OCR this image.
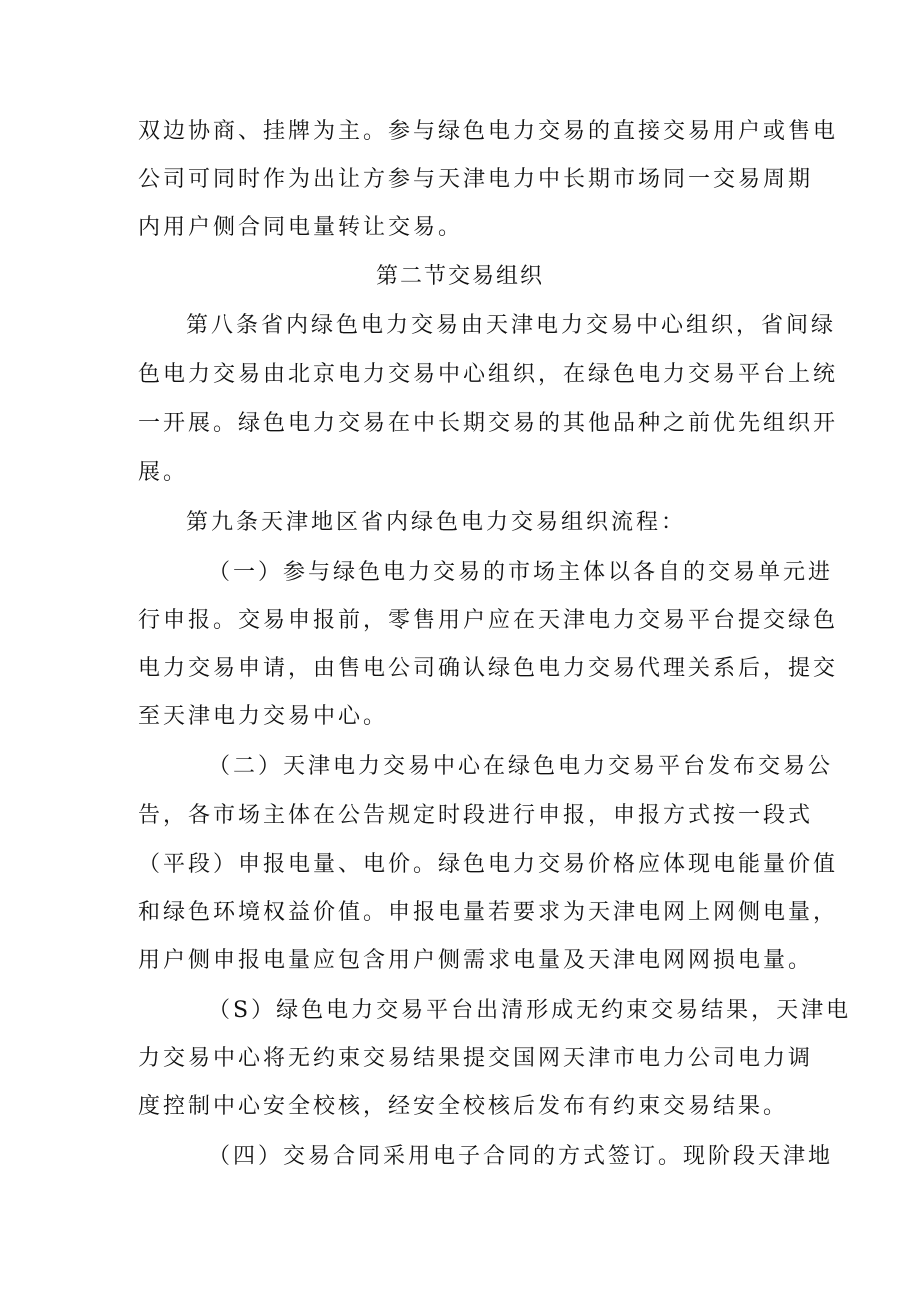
双边协商、挂牌为主。参与绿色电力交易的直接交易用户或售电
公司可同时作为出让方参与天津电力中长期市场同一交易周期
内用户侧合同电量转让交易。
第二节交易组织
第八条省内绿色电力交易由天津电力交易中心组织，省间绿
色电力交易由北京电力交易中心组织，在绿色电力交易平台上统
一开展。绿色电力交易在中长期交易的其他品种之前优先组织开
展。
第九条天津地区省内绿色电力交易组织流程：
（一）参与绿色电力交易的市场主体以各自的交易单元进
行申报。交易申报前，零售用户应在天津电力交易平台提交绿色
电力交易申请，由售电公司确认绿色电力交易代理关系后，提交
至天津电力交易中心。
（二）天津电力交易中心在绿色电力交易平台发布交易公
告，各市场主体在公告规定时段进行申报，申报方式按一段式
（平段）申报电量、电价。绿色电力交易价格应体现电能量价值
和绿色环境权益价值。申报电量若要求为天津电网上网侧电量，
用户侧申报电量应包含用户侧需求电量及天津电网网损电量。
（S）绿色电力交易平台出清形成无约束交易结果，天津电
力交易中心将无约束交易结果提交国网天津市电力公司电力调
度控制中心安全校核，经安全校核后发布有约束交易结果。
（四）交易合同采用电子合同的方式签订。现阶段天津地
